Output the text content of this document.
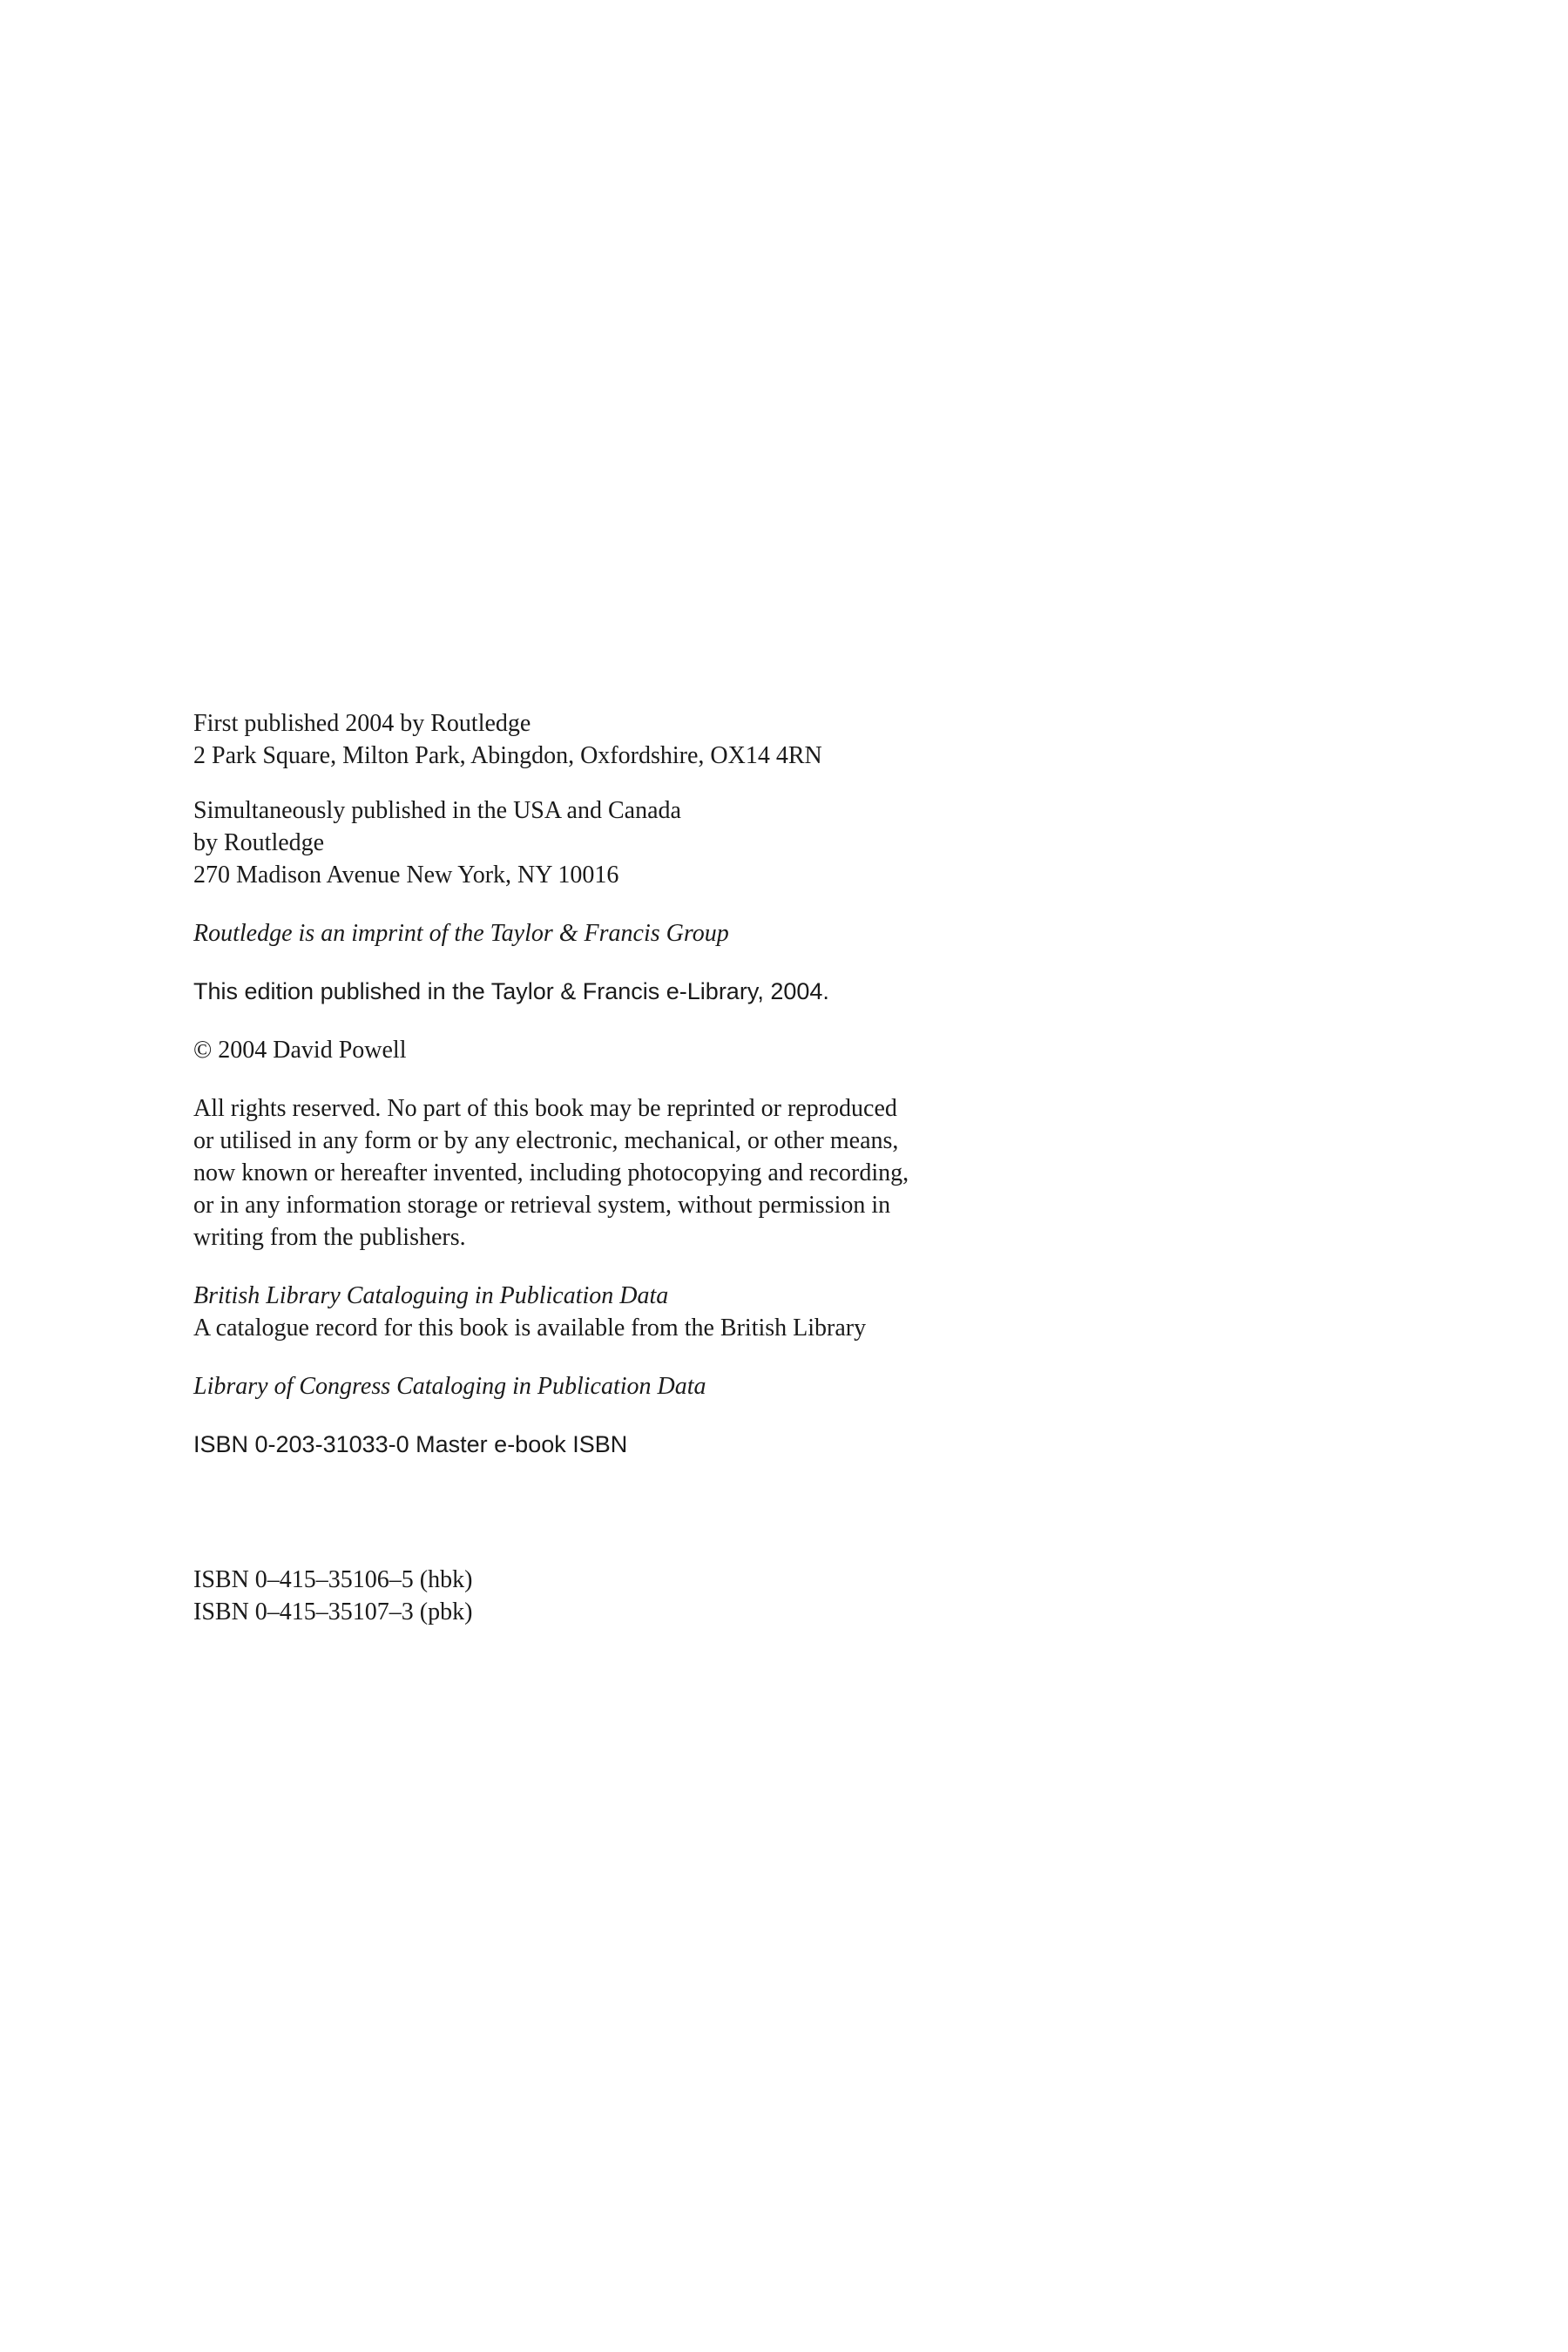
First published 2004 by Routledge
2 Park Square, Milton Park, Abingdon, Oxfordshire, OX14 4RN

Simultaneously published in the USA and Canada
by Routledge
270 Madison Avenue New York, NY 10016

Routledge is an imprint of the Taylor & Francis Group

This edition published in the Taylor & Francis e-Library, 2004.

© 2004 David Powell

All rights reserved. No part of this book may be reprinted or reproduced
or utilised in any form or by any electronic, mechanical, or other means,
now known or hereafter invented, including photocopying and recording,
or in any information storage or retrieval system, without permission in
writing from the publishers.

British Library Cataloguing in Publication Data
A catalogue record for this book is available from the British Library

Library of Congress Cataloging in Publication Data

ISBN 0-203-31033-0 Master e-book ISBN

ISBN 0–415–35106–5 (hbk)
ISBN 0–415–35107–3 (pbk)
